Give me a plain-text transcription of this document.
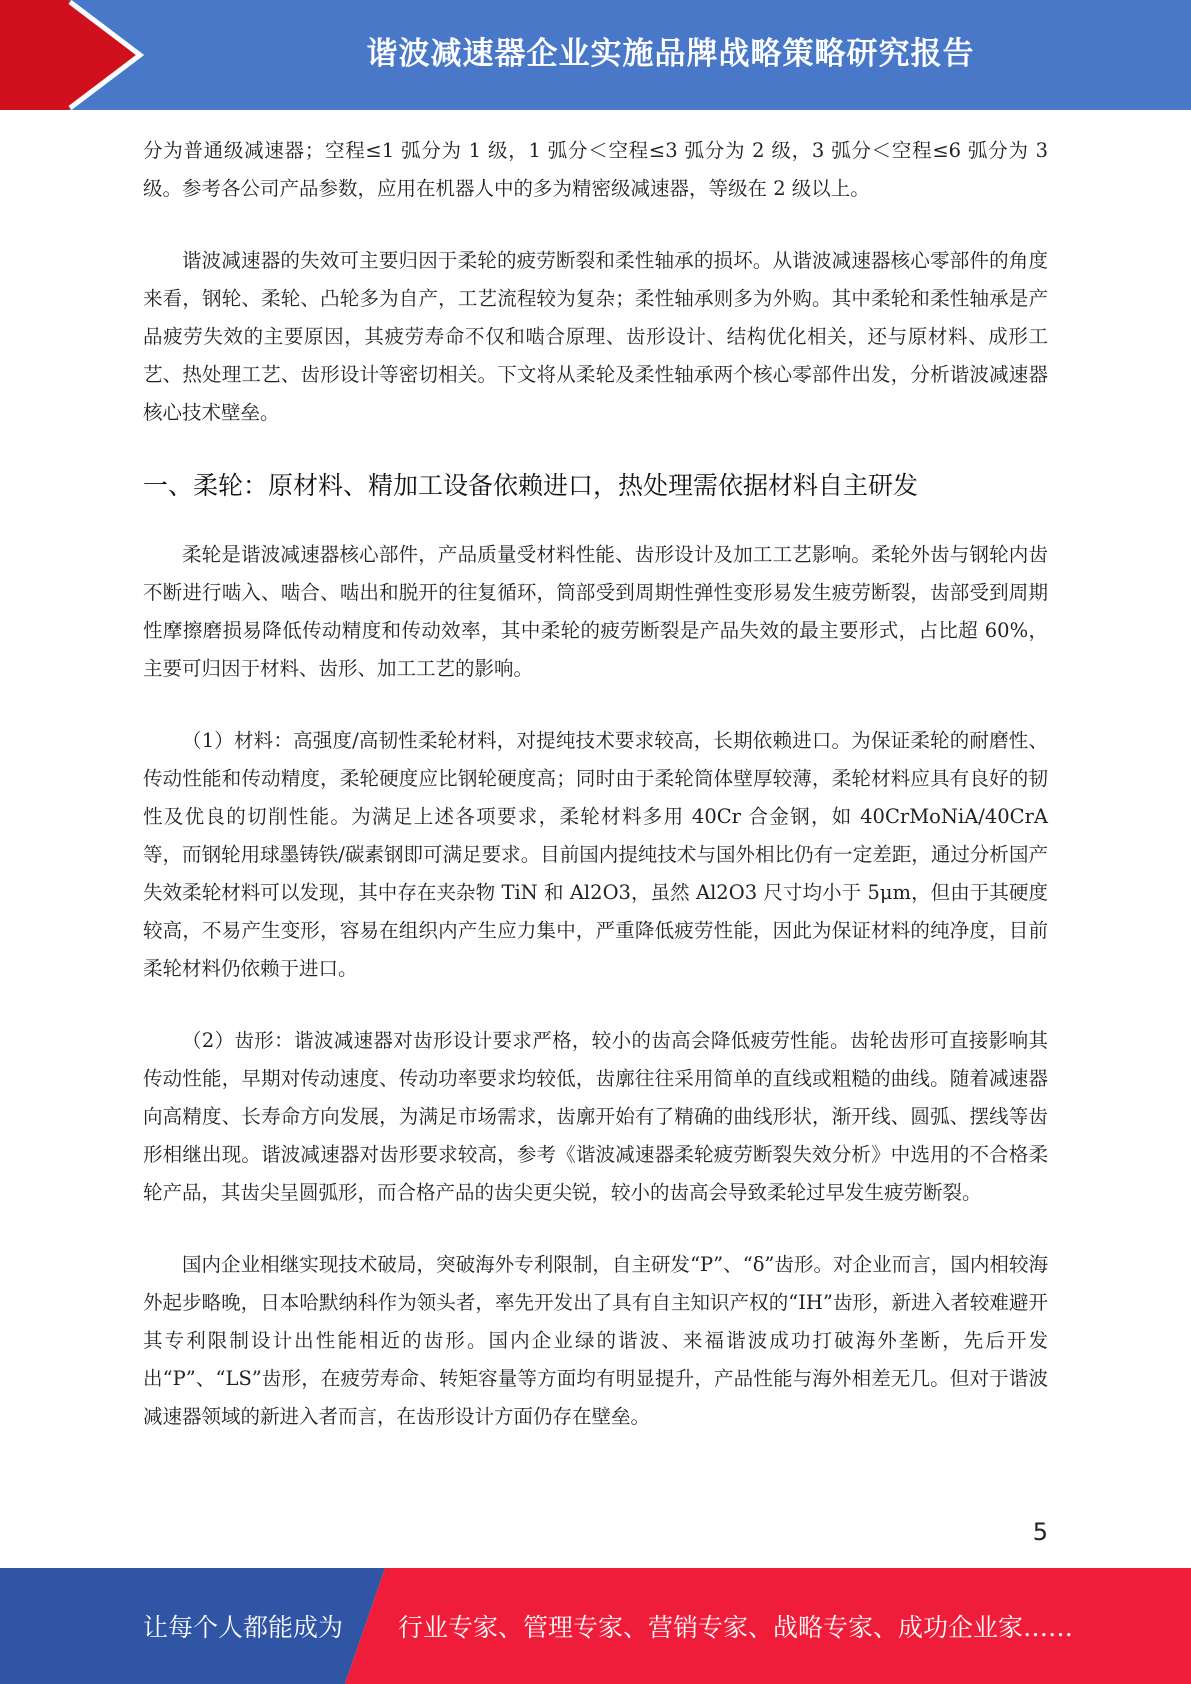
谐波减速器企业实施品牌战略策略研究报告

分为普通级减速器；空程≤1 弧分为 1 级，1 弧分＜空程≤3 弧分为 2 级，3 弧分＜空程≤6 弧分为 3 级。参考各公司产品参数，应用在机器人中的多为精密级减速器，等级在 2 级以上。

谐波减速器的失效可主要归因于柔轮的疲劳断裂和柔性轴承的损坏。从谐波减速器核心零部件的角度来看，钢轮、柔轮、凸轮多为自产，工艺流程较为复杂；柔性轴承则多为外购。其中柔轮和柔性轴承是产品疲劳失效的主要原因，其疲劳寿命不仅和啮合原理、齿形设计、结构优化相关，还与原材料、成形工艺、热处理工艺、齿形设计等密切相关。下文将从柔轮及柔性轴承两个核心零部件出发，分析谐波减速器核心技术壁垒。

一、柔轮：原材料、精加工设备依赖进口，热处理需依据材料自主研发

柔轮是谐波减速器核心部件，产品质量受材料性能、齿形设计及加工工艺影响。柔轮外齿与钢轮内齿不断进行啮入、啮合、啮出和脱开的往复循环，筒部受到周期性弹性变形易发生疲劳断裂，齿部受到周期性摩擦磨损易降低传动精度和传动效率，其中柔轮的疲劳断裂是产品失效的最主要形式，占比超 60%，主要可归因于材料、齿形、加工工艺的影响。

（1）材料：高强度/高韧性柔轮材料，对提纯技术要求较高，长期依赖进口。为保证柔轮的耐磨性、传动性能和传动精度，柔轮硬度应比钢轮硬度高；同时由于柔轮筒体壁厚较薄，柔轮材料应具有良好的韧性及优良的切削性能。为满足上述各项要求，柔轮材料多用 40Cr 合金钢，如 40CrMoNiA/40CrA 等，而钢轮用球墨铸铁/碳素钢即可满足要求。目前国内提纯技术与国外相比仍有一定差距，通过分析国产失效柔轮材料可以发现，其中存在夹杂物 TiN 和 Al2O3，虽然 Al2O3 尺寸均小于 5μm，但由于其硬度较高，不易产生变形，容易在组织内产生应力集中，严重降低疲劳性能，因此为保证材料的纯净度，目前柔轮材料仍依赖于进口。

（2）齿形：谐波减速器对齿形设计要求严格，较小的齿高会降低疲劳性能。齿轮齿形可直接影响其传动性能，早期对传动速度、传动功率要求均较低，齿廓往往采用简单的直线或粗糙的曲线。随着减速器向高精度、长寿命方向发展，为满足市场需求，齿廓开始有了精确的曲线形状，渐开线、圆弧、摆线等齿形相继出现。谐波减速器对齿形要求较高，参考《谐波减速器柔轮疲劳断裂失效分析》中选用的不合格柔轮产品，其齿尖呈圆弧形，而合格产品的齿尖更尖锐，较小的齿高会导致柔轮过早发生疲劳断裂。

国内企业相继实现技术破局，突破海外专利限制，自主研发“P”、“δ”齿形。对企业而言，国内相较海外起步略晚，日本哈默纳科作为领头者，率先开发出了具有自主知识产权的“IH”齿形，新进入者较难避开其专利限制设计出性能相近的齿形。国内企业绿的谐波、来福谐波成功打破海外垄断，先后开发出“P”、“LS”齿形，在疲劳寿命、转矩容量等方面均有明显提升，产品性能与海外相差无几。但对于谐波减速器领域的新进入者而言，在齿形设计方面仍存在壁垒。

5
让每个人都能成为 行业专家、管理专家、营销专家、战略专家、成功企业家……
